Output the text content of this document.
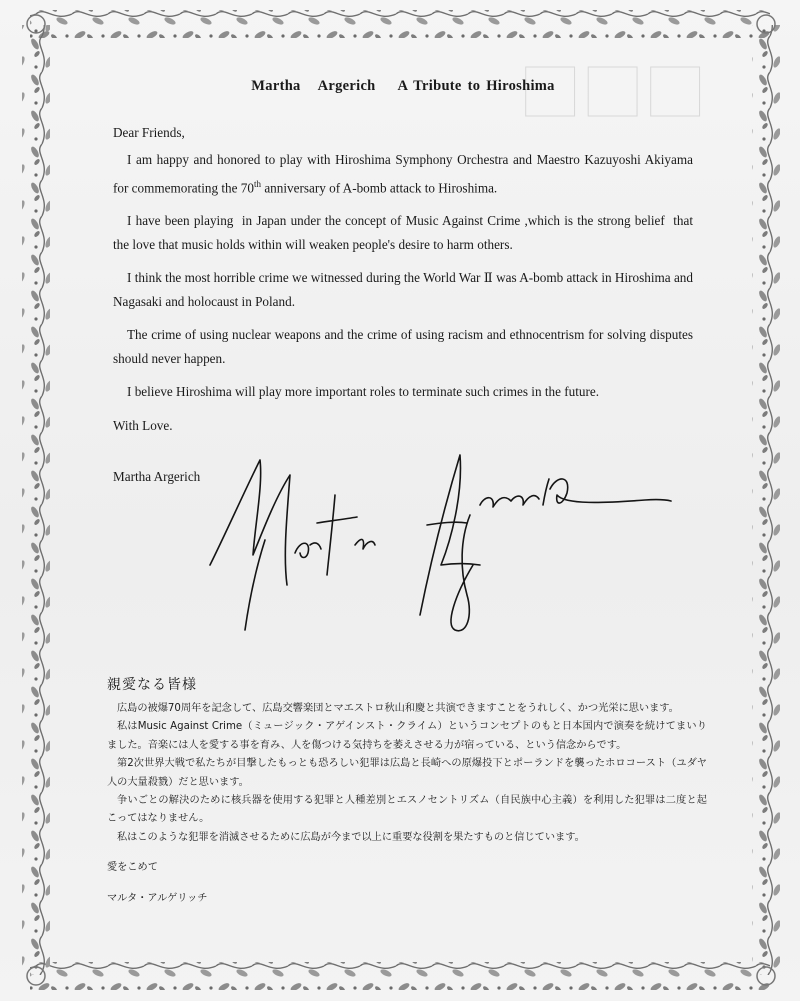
■■■
Martha   Argerich A Tribute to Hiroshima

Dear Friends,

I am happy and honored to play with Hiroshima Symphony Orchestra and Maestro Kazuyoshi Akiyama for commemorating the 70th anniversary of A-bomb attack to Hiroshima.

I have been playing  in Japan under the concept of Music Against Crime ,which is the strong belief  that  the love that music holds within will weaken people's desire to harm others.

I think the most horrible crime we witnessed during the World War Ⅱ was A-bomb attack in Hiroshima and Nagasaki and holocaust in Poland.

The crime of using nuclear weapons and the crime of using racism and ethnocentrism for solving disputes should never happen.

I believe Hiroshima will play more important roles to terminate such crimes in the future.

With Love.

Martha Argerich

親愛なる皆様

広島の被爆70周年を記念して、広島交響楽団とマエストロ秋山和慶と共演できますことをうれしく、かつ光栄に思います。

私はMusic Against Crime（ミュージック・アゲインスト・クライム）というコンセプトのもと日本国内で演奏を続けてまいりました。音楽には人を愛する事を育み、人を傷つける気持ちを萎えさせる力が宿っている、という信念からです。

第2次世界大戦で私たちが目撃したもっとも恐ろしい犯罪は広島と長崎への原爆投下とポーランドを襲ったホロコースト（ユダヤ人の大量殺戮）だと思います。

争いごとの解決のために核兵器を使用する犯罪と人種差別とエスノセントリズム（自民族中心主義）を利用した犯罪は二度と起こってはなりません。

私はこのような犯罪を消滅させるために広島が今まで以上に重要な役割を果たすものと信じています。

愛をこめて

マルタ・アルゲリッチ
